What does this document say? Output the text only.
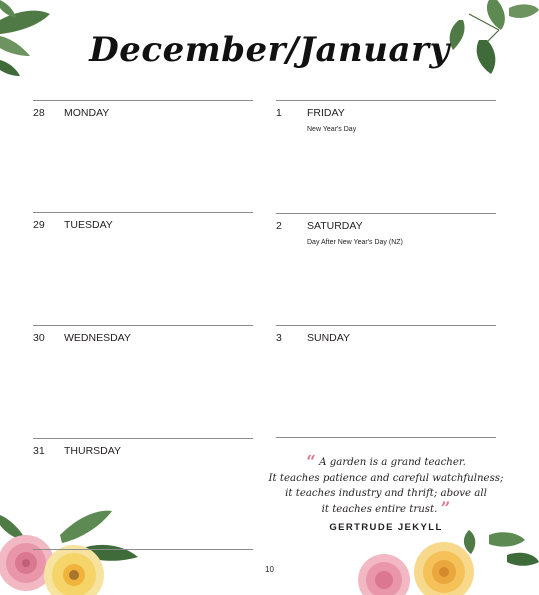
December/January
28 MONDAY
29 TUESDAY
30 WEDNESDAY
31 THURSDAY
1 FRIDAY
New Year's Day
2 SATURDAY
Day After New Year's Day (NZ)
3 SUNDAY
“ A garden is a grand teacher.
It teaches patience and careful watchfulness;
it teaches industry and thrift; above all
it teaches entire trust. ”
GERTRUDE JEKYLL
10
